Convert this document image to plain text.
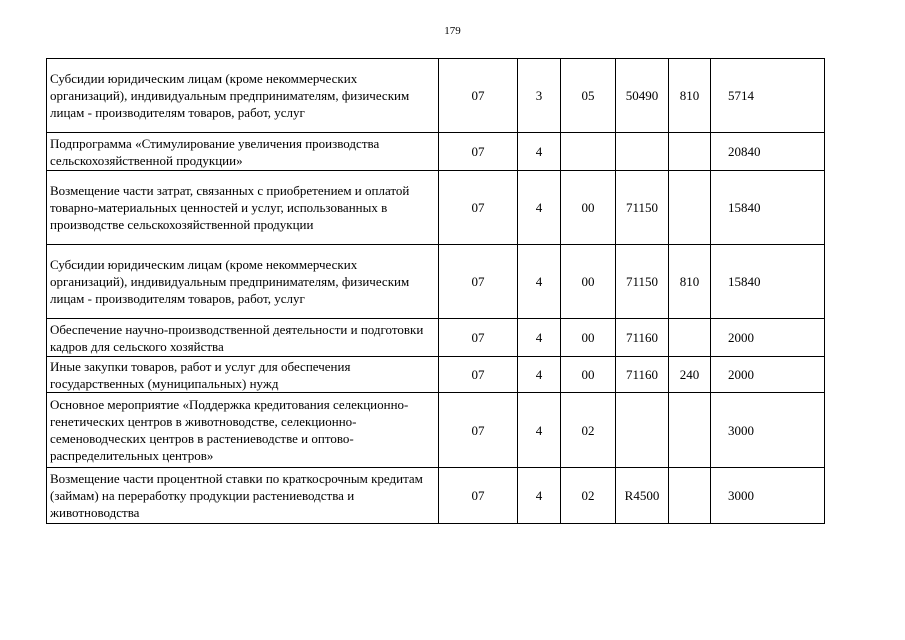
179
Субсидии юридическим лицам (кроме некоммерческих организаций), индивидуальным предпринимателям, физическим лицам - производителям товаров, работ, услуг	07	3	05	50490	810	5714
Подпрограмма «Стимулирование увеличения производства сельскохозяйственной продукции»	07	4				20840
Возмещение части затрат, связанных с приобретением и оплатой товарно-материальных ценностей и услуг, использованных в производстве сельскохозяйственной продукции	07	4	00	71150		15840
Субсидии юридическим лицам (кроме некоммерческих организаций), индивидуальным предпринимателям, физическим лицам - производителям товаров, работ, услуг	07	4	00	71150	810	15840
Обеспечение научно-производственной деятельности и подготовки кадров для сельского хозяйства	07	4	00	71160		2000
Иные закупки товаров, работ и услуг для обеспечения государственных (муниципальных) нужд	07	4	00	71160	240	2000
Основное мероприятие «Поддержка кредитования селекционно-генетических центров в животноводстве, селекционно-семеноводческих центров в растениеводстве и оптово-распределительных центров»	07	4	02			3000
Возмещение части процентной ставки по краткосрочным кредитам (займам) на переработку продукции растениеводства и животноводства	07	4	02	R4500		3000
